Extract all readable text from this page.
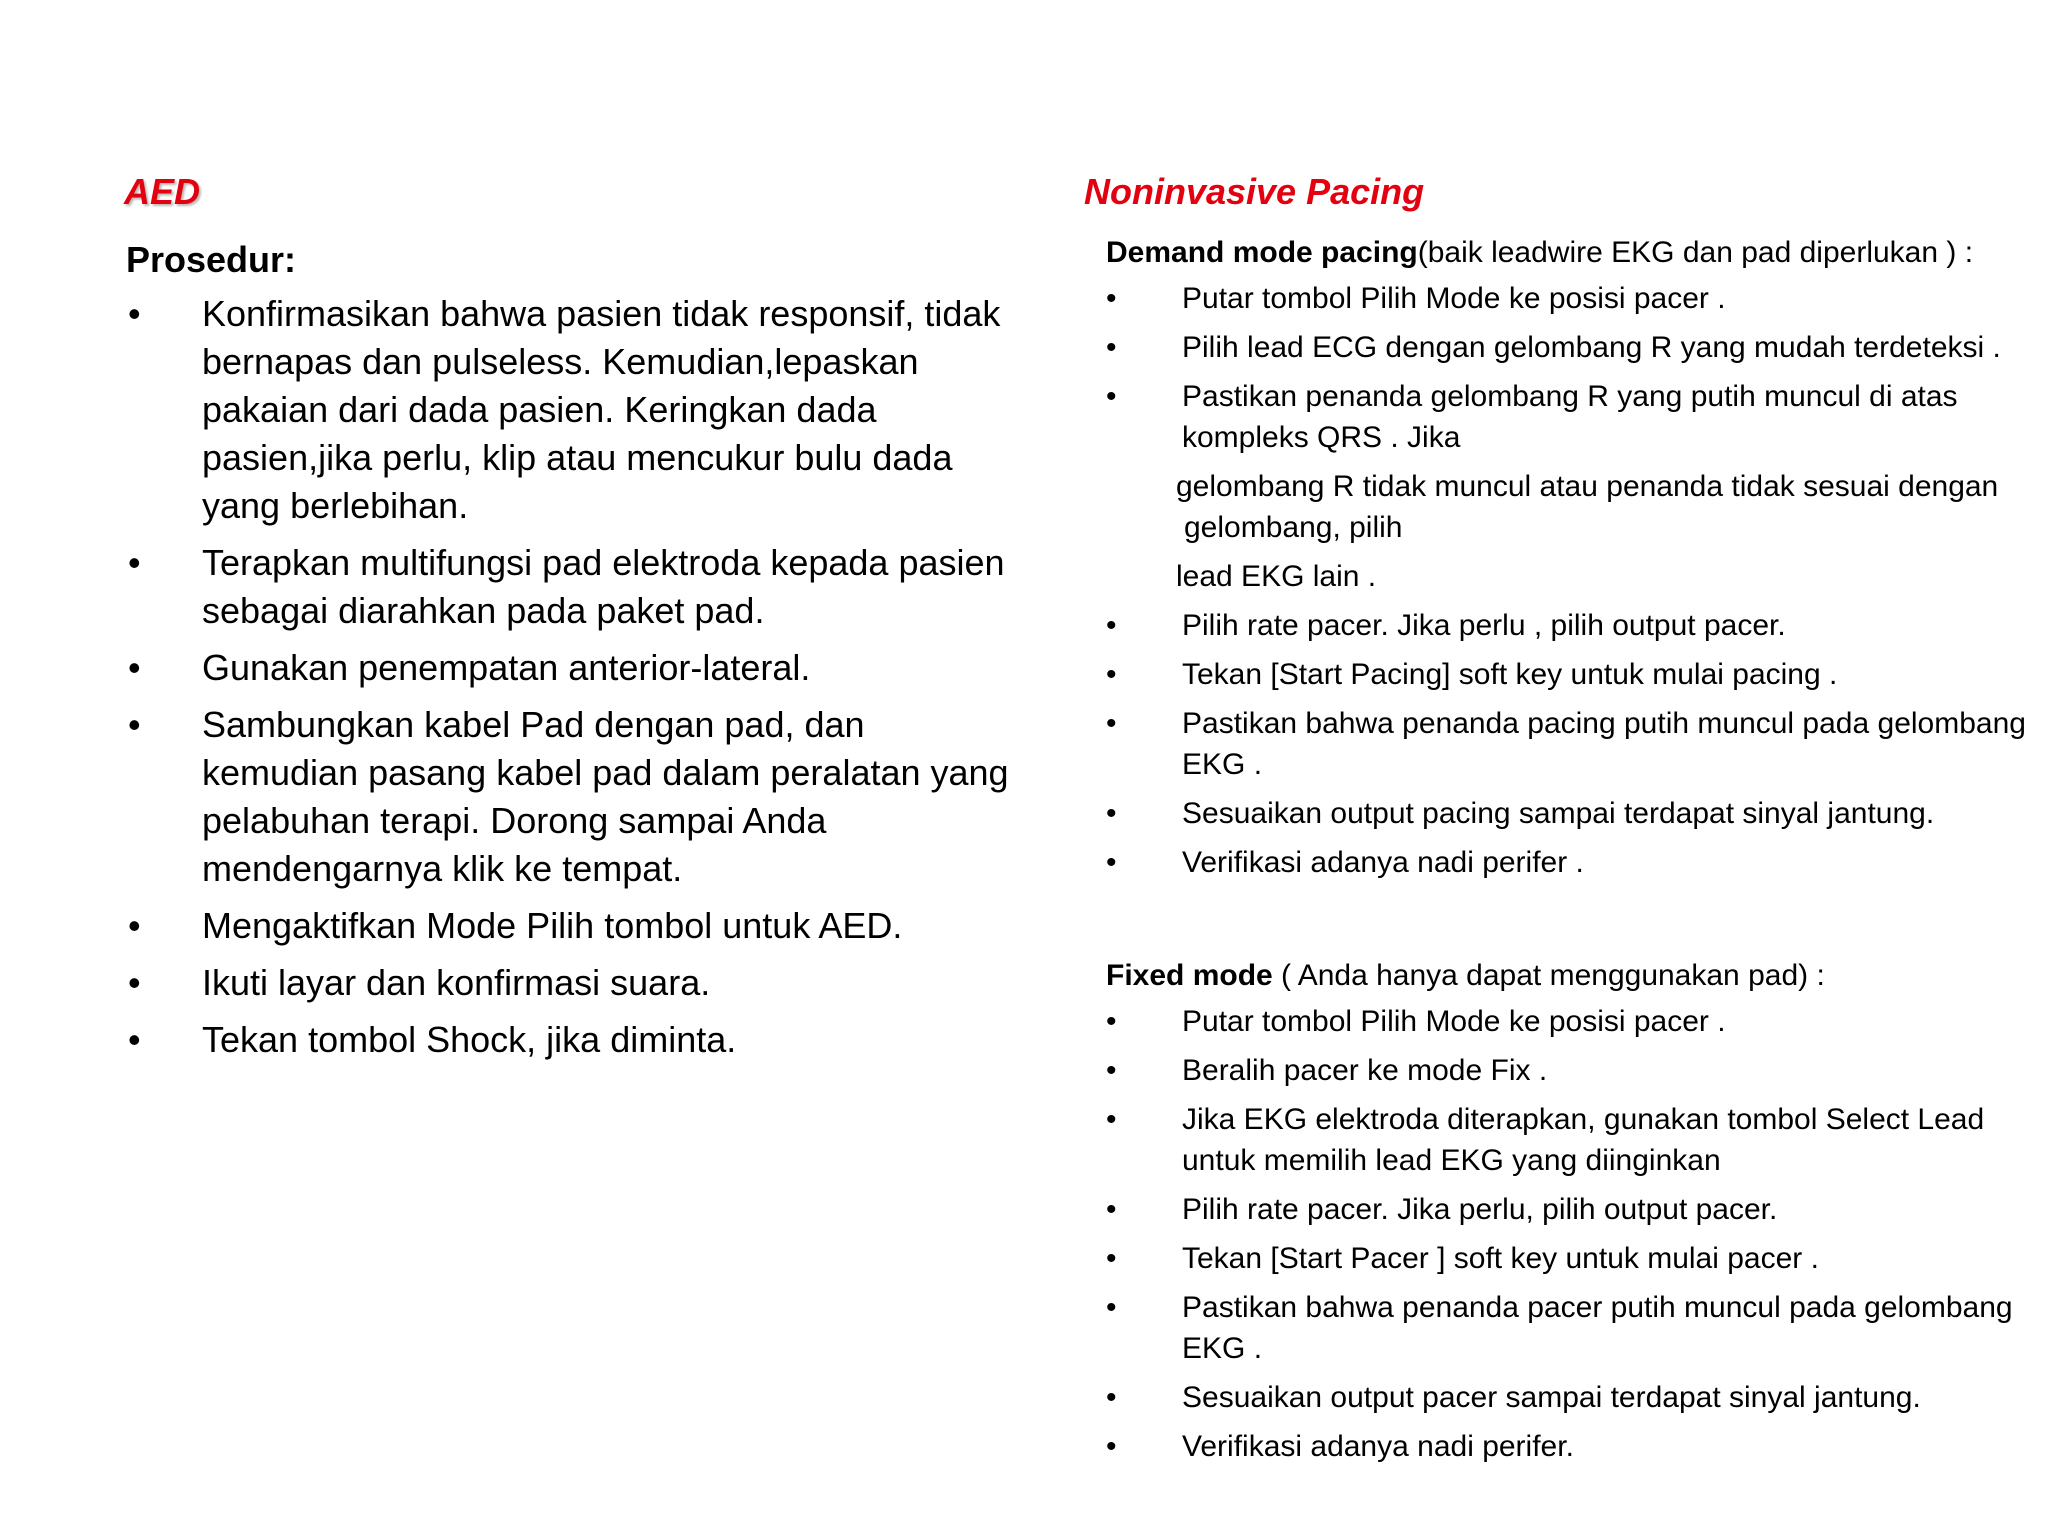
AED
Prosedur:
• Konfirmasikan bahwa pasien tidak responsif, tidak bernapas dan pulseless. Kemudian,lepaskan pakaian dari dada pasien. Keringkan dada pasien,jika perlu, klip atau mencukur bulu dada yang berlebihan.
• Terapkan multifungsi pad elektroda kepada pasien sebagai diarahkan pada paket pad.
• Gunakan penempatan anterior-lateral.
• Sambungkan kabel Pad dengan pad, dan kemudian pasang kabel pad dalam peralatan yang pelabuhan terapi. Dorong sampai Anda mendengarnya klik ke tempat.
• Mengaktifkan Mode Pilih tombol untuk AED.
• Ikuti layar dan konfirmasi suara.
• Tekan tombol Shock, jika diminta.
Noninvasive Pacing
Demand mode pacing(baik leadwire EKG dan pad diperlukan ) :
• Putar tombol Pilih Mode ke posisi pacer .
• Pilih lead ECG dengan gelombang R yang mudah terdeteksi .
• Pastikan penanda gelombang R yang putih muncul di atas kompleks QRS . Jika
gelombang R tidak muncul atau penanda tidak sesuai dengan
gelombang, pilih
lead EKG lain .
• Pilih rate pacer. Jika perlu , pilih output pacer.
• Tekan [Start Pacing] soft key untuk mulai pacing .
• Pastikan bahwa penanda pacing putih muncul pada gelombang EKG .
• Sesuaikan output pacing sampai terdapat sinyal jantung.
• Verifikasi adanya nadi perifer .
Fixed mode ( Anda hanya dapat menggunakan pad) :
• Putar tombol Pilih Mode ke posisi pacer .
• Beralih pacer ke mode Fix .
• Jika EKG elektroda diterapkan, gunakan tombol Select Lead untuk memilih lead EKG yang diinginkan
• Pilih rate pacer. Jika perlu, pilih output pacer.
• Tekan [Start Pacer ] soft key untuk mulai pacer .
• Pastikan bahwa penanda pacer putih muncul pada gelombang EKG .
• Sesuaikan output pacer sampai terdapat sinyal jantung.
• Verifikasi adanya nadi perifer.
